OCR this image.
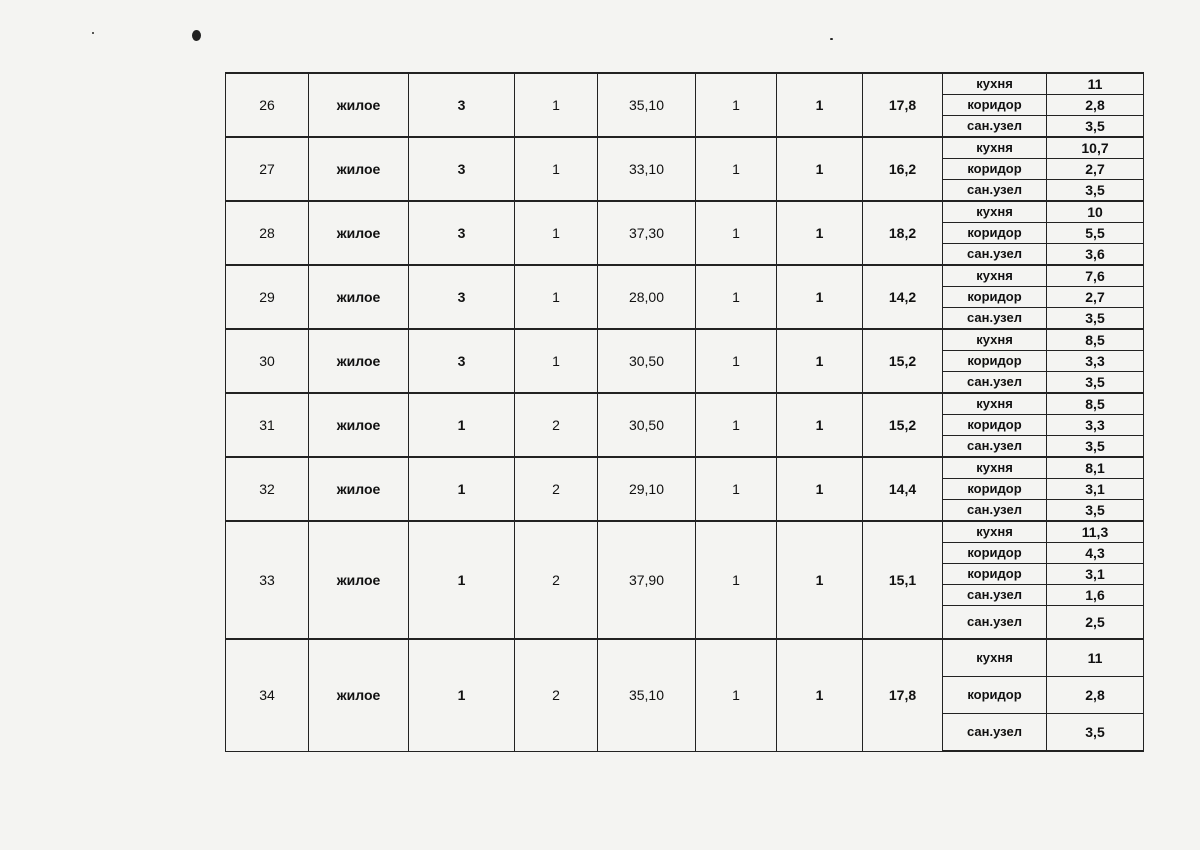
26	жилое	3	1	35,10	1	1	17,8	кухня	11
								коридор	2,8
								сан.узел	3,5
27	жилое	3	1	33,10	1	1	16,2	кухня	10,7
								коридор	2,7
								сан.узел	3,5
28	жилое	3	1	37,30	1	1	18,2	кухня	10
								коридор	5,5
								сан.узел	3,6
29	жилое	3	1	28,00	1	1	14,2	кухня	7,6
								коридор	2,7
								сан.узел	3,5
30	жилое	3	1	30,50	1	1	15,2	кухня	8,5
								коридор	3,3
								сан.узел	3,5
31	жилое	1	2	30,50	1	1	15,2	кухня	8,5
								коридор	3,3
								сан.узел	3,5
32	жилое	1	2	29,10	1	1	14,4	кухня	8,1
								коридор	3,1
								сан.узел	3,5
33	жилое	1	2	37,90	1	1	15,1	кухня	11,3
								коридор	4,3
								коридор	3,1
								сан.узел	1,6
								сан.узел	2,5
34	жилое	1	2	35,10	1	1	17,8	кухня	11
								коридор	2,8
								сан.узел	3,5
